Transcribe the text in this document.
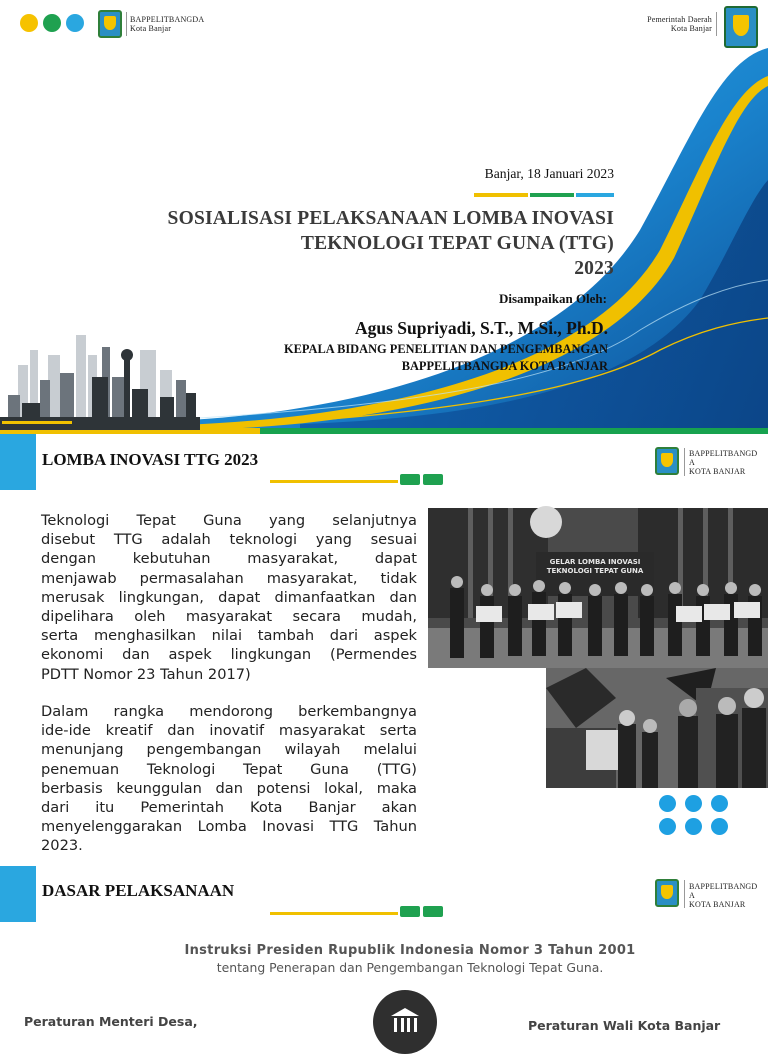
BAPPELITBANGDA
Kota Banjar
Pemerintah Daerah
Kota Banjar
Banjar, 18 Januari 2023
SOSIALISASI PELAKSANAAN LOMBA INOVASI
TEKNOLOGI TEPAT GUNA (TTG)
2023
Disampaikan Oleh:
Agus Supriyadi, S.T., M.Si., Ph.D.
KEPALA BIDANG PENELITIAN DAN PENGEMBANGAN
BAPPELITBANGDA KOTA BANJAR
LOMBA INOVASI TTG 2023	BAPPELITBANGD
A
KOTA BANJAR
Teknologi Tepat Guna yang selanjutnya
disebut TTG adalah teknologi yang sesuai
dengan kebutuhan masyarakat, dapat
menjawab permasalahan masyarakat, tidak
merusak lingkungan, dapat dimanfaatkan dan
dipelihara oleh masyarakat secara mudah,
serta menghasilkan nilai tambah dari aspek
ekonomi dan aspek lingkungan (Permendes
PDTT Nomor 23 Tahun 2017)
Dalam rangka mendorong berkembangnya
ide-ide kreatif dan inovatif masyarakat serta
menunjang pengembangan wilayah melalui
penemuan Teknologi Tepat Guna (TTG)
berbasis keunggulan dan potensi lokal, maka
dari itu Pemerintah Kota Banjar akan
menyelenggarakan Lomba Inovasi TTG Tahun
2023.
GELAR LOMBA INOVASI
TEKNOLOGI TEPAT GUNA
DASAR PELAKSANAAN	BAPPELITBANGD
A
KOTA BANJAR
Instruksi Presiden Rupublik Indonesia Nomor 3 Tahun 2001
tentang Penerapan dan Pengembangan Teknologi Tepat Guna.
Peraturan Menteri Desa,	Peraturan Wali Kota Banjar
